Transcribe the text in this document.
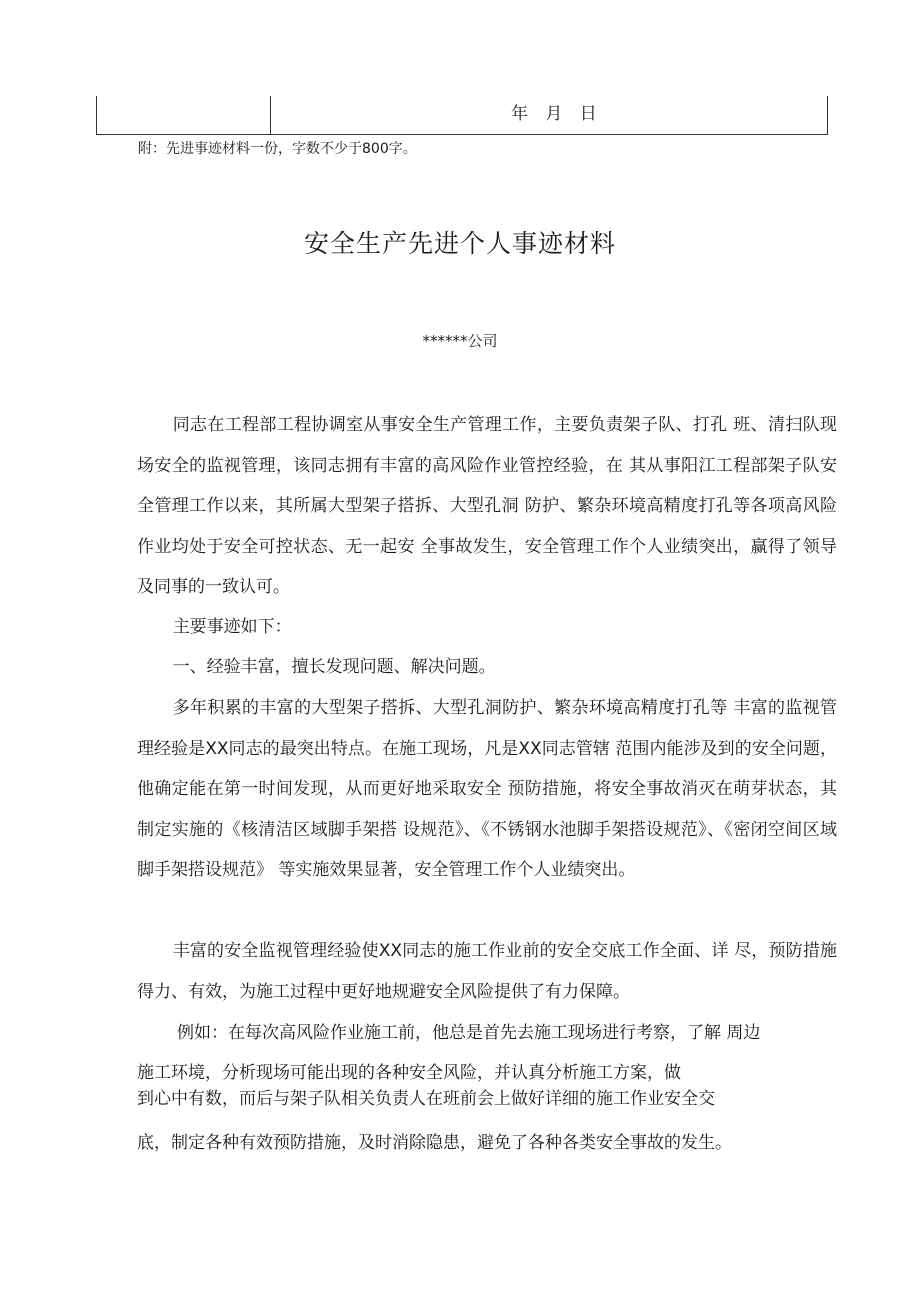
年 月 日
附：先进事迹材料一份，字数不少于800字。
安全生产先进个人事迹材料
******公司

同志在工程部工程协调室从事安全生产管理工作，主要负责架子队、打孔 班、清扫队现场安全的监视管理，该同志拥有丰富的高风险作业管控经验，在 其从事阳江工程部架子队安全管理工作以来，其所属大型架子搭拆、大型孔洞 防护、繁杂环境高精度打孔等各项高风险作业均处于安全可控状态、无一起安 全事故发生，安全管理工作个人业绩突出，赢得了领导及同事的一致认可。

主要事迹如下：

一、经验丰富，擅长发现问题、解决问题。

多年积累的丰富的大型架子搭拆、大型孔洞防护、繁杂环境高精度打孔等 丰富的监视管理经验是XX同志的最突出特点。在施工现场，凡是XX同志管辖 范围内能涉及到的安全问题，他确定能在第一时间发现，从而更好地采取安全 预防措施，将安全事故消灭在萌芽状态，其制定实施的《核清洁区域脚手架搭 设规范》、《不锈钢水池脚手架搭设规范》、《密闭空间区域脚手架搭设规范》 等实施效果显著，安全管理工作个人业绩突出。

丰富的安全监视管理经验使XX同志的施工作业前的安全交底工作全面、详 尽，预防措施得力、有效，为施工过程中更好地规避安全风险提供了有力保障。

例如：在每次高风险作业施工前，他总是首先去施工现场进行考察，了解 周边

施工环境，分析现场可能出现的各种安全风险，并认真分析施工方案，做

到心中有数，而后与架子队相关负责人在班前会上做好详细的施工作业安全交

底，制定各种有效预防措施，及时消除隐患，避免了各种各类安全事故的发生。
